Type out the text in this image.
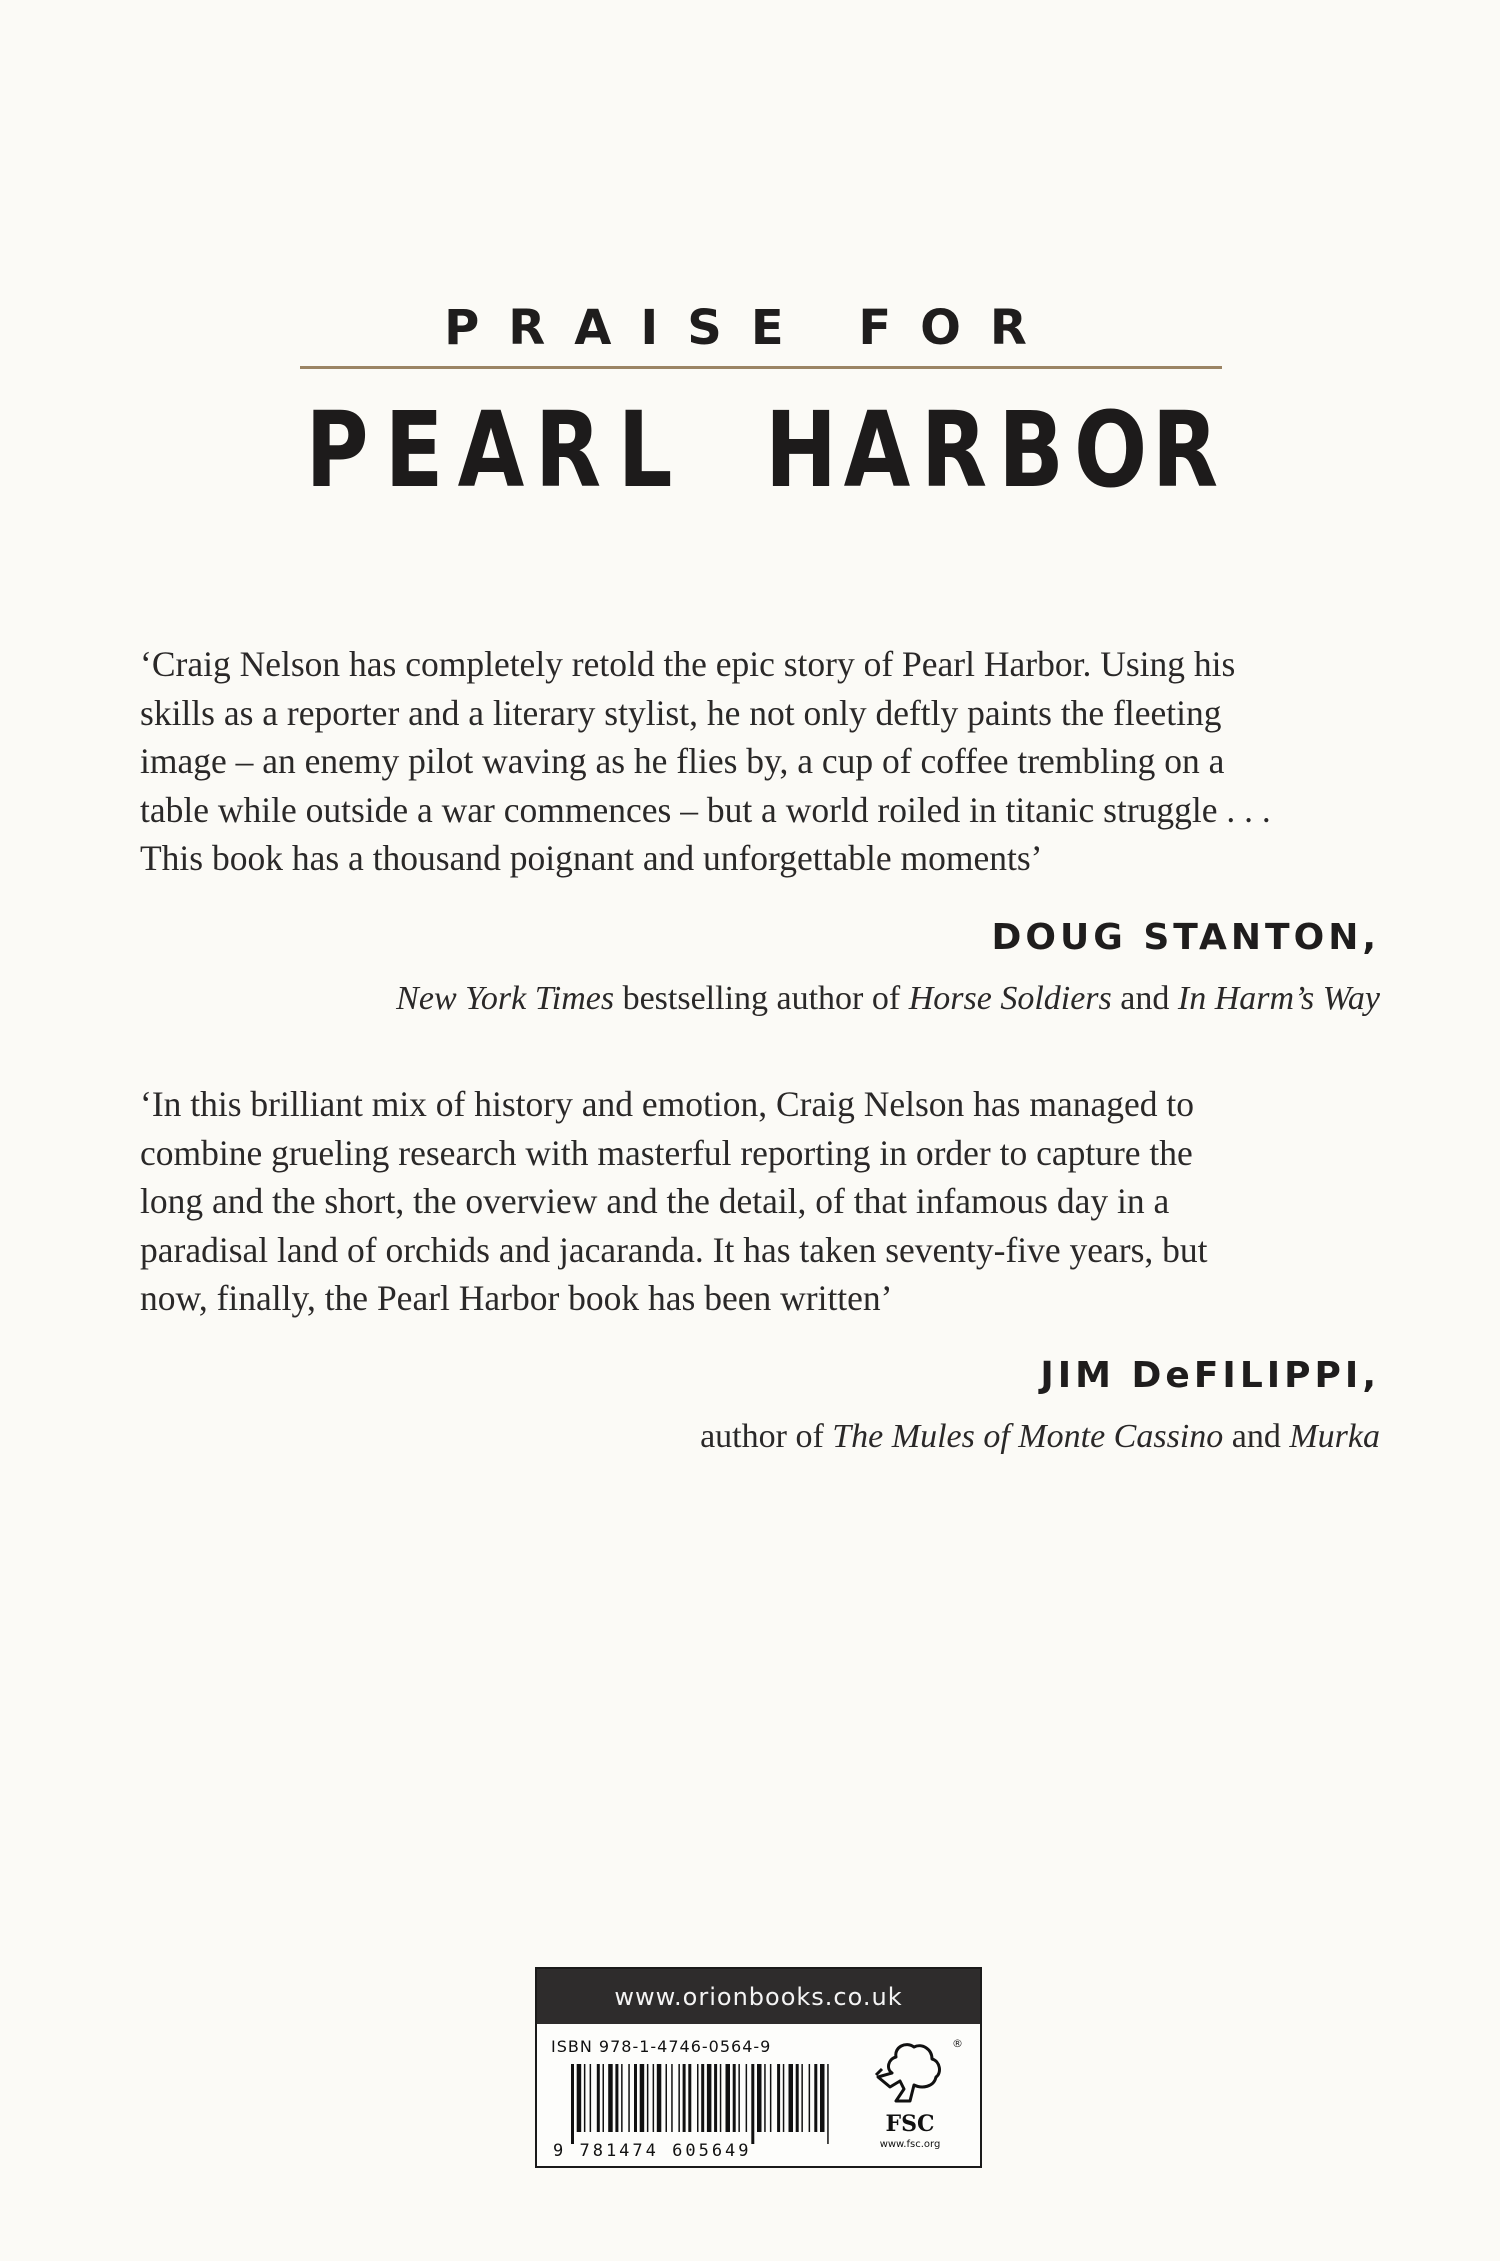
PRAISE FOR
P E A R L H A R B O R

‘Craig Nelson has completely retold the epic story of Pearl Harbor. Using his

skills as a reporter and a literary stylist, he not only deftly paints the fleeting

image – an enemy pilot waving as he flies by, a cup of coffee trembling on a

table while outside a war commences – but a world roiled in titanic struggle . . .

This book has a thousand poignant and unforgettable moments’

DOUG STANTON,
New York Times bestselling author of Horse Soldiers and In Harm’s Way

‘In this brilliant mix of history and emotion, Craig Nelson has managed to

combine grueling research with masterful reporting in order to capture the

long and the short, the overview and the detail, of that infamous day in a

paradisal land of orchids and jacaranda. It has taken seventy-five years, but

now, finally, the Pearl Harbor book has been written’

JIM DeFILIPPI,
author of The Mules of Monte Cassino and Murka
www.orionbooks.co.uk
ISBN 978-1-4746-0564-9
9 781474 605649
®
FSC
www.fsc.org
